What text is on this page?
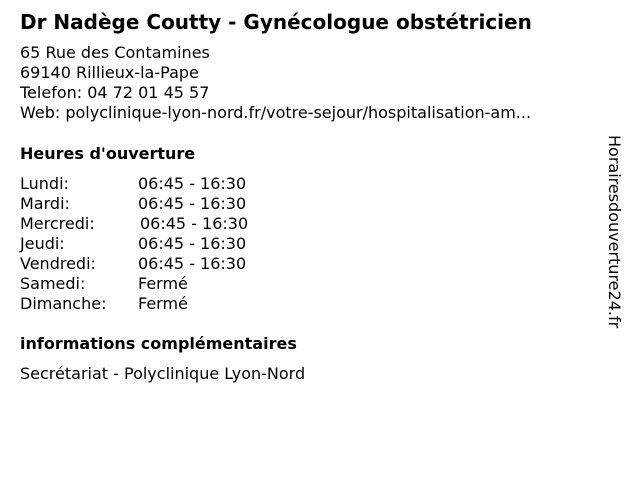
Dr Nadège Coutty - Gynécologue obstétricien
65 Rue des Contamines
69140 Rillieux-la-Pape
Telefon: 04 72 01 45 57
Web: polyclinique-lyon-nord.fr/votre-sejour/hospitalisation-am...
Heures d'ouverture
Lundi:	06:45 - 16:30
Mardi:	06:45 - 16:30
Mercredi:	06:45 - 16:30
Jeudi:	06:45 - 16:30
Vendredi:	06:45 - 16:30
Samedi:	Fermé
Dimanche: Fermé
informations complémentaires
Secrétariat - Polyclinique Lyon-Nord
Horairesdouverture24.fr
